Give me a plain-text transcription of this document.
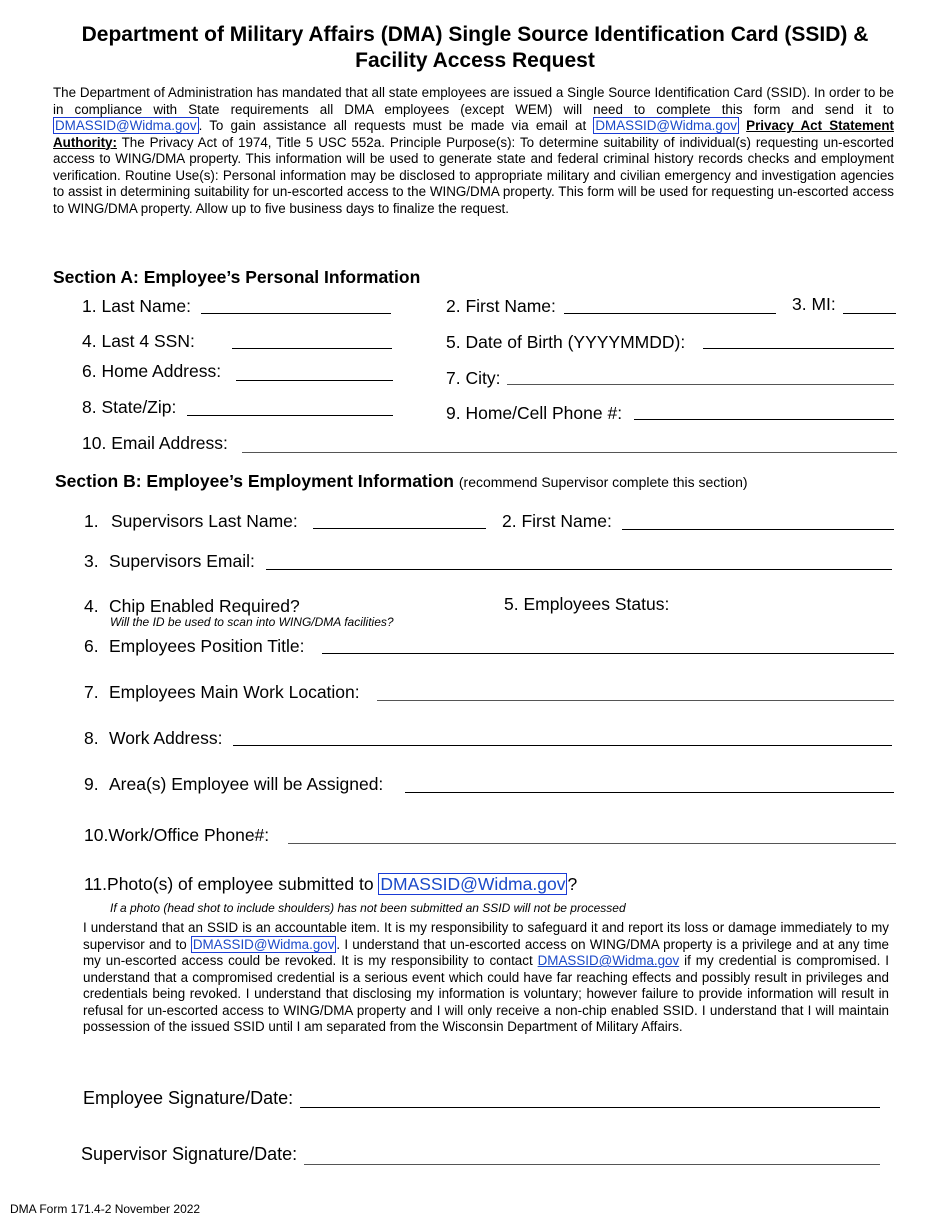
Department of Military Affairs (DMA) Single Source Identification Card (SSID) &
Facility Access Request
The Department of Administration has mandated that all state employees are issued a Single Source Identification Card (SSID). In order to be in compliance with State requirements all DMA employees (except WEM) will need to complete this form and send it to DMASSID@Widma.gov . To gain assistance all requests must be made via email at DMASSID@Widma.gov Privacy Act Statement Authority: The Privacy Act of 1974, Title 5 USC 552a. Principle Purpose(s): To determine suitability of individual(s) requesting un-escorted access to WING/DMA property. This information will be used to generate state and federal criminal history records checks and employment verification. Routine Use(s): Personal information may be disclosed to appropriate military and civilian emergency and investigation agencies to assist in determining suitability for un-escorted access to the WING/DMA property. This form will be used for requesting un-escorted access to WING/DMA property. Allow up to five business days to finalize the request.
Section A: Employee’s Personal Information
1. Last Name:	2. First Name:	3. MI:
4. Last 4 SSN:	5. Date of Birth (YYYYMMDD):
6. Home Address:	7. City:
8. State/Zip:	9. Home/Cell Phone #:
10. Email Address:
Section B: Employee’s Employment Information (recommend Supervisor complete this section)
1. Supervisors Last Name:	2. First Name:
3. Supervisors Email:
4. Chip Enabled Required?
Will the ID be used to scan into WING/DMA facilities?
5. Employees Status:
6. Employees Position Title:
7. Employees Main Work Location:
8. Work Address:
9. Area(s) Employee will be Assigned:
10.Work/Office Phone#:
11.Photo(s) of employee submitted to DMASSID@Widma.gov ?
If a photo (head shot to include shoulders) has not been submitted an SSID will not be processed
I understand that an SSID is an accountable item. It is my responsibility to safeguard it and report its loss or damage immediately to my supervisor and to DMASSID@Widma.gov . I understand that un-escorted access on WING/DMA property is a privilege and at any time my un-escorted access could be revoked. It is my responsibility to contact DMASSID@Widma.gov if my credential is compromised. I understand that a compromised credential is a serious event which could have far reaching effects and possibly result in privileges and credentials being revoked. I understand that disclosing my information is voluntary; however failure to provide information will result in refusal for un-escorted access to WING/DMA property and I will only receive a non-chip enabled SSID. I understand that I will maintain possession of the issued SSID until I am separated from the Wisconsin Department of Military Affairs.
Employee Signature/Date:
Supervisor Signature/Date:
DMA Form 171.4-2 November 2022
